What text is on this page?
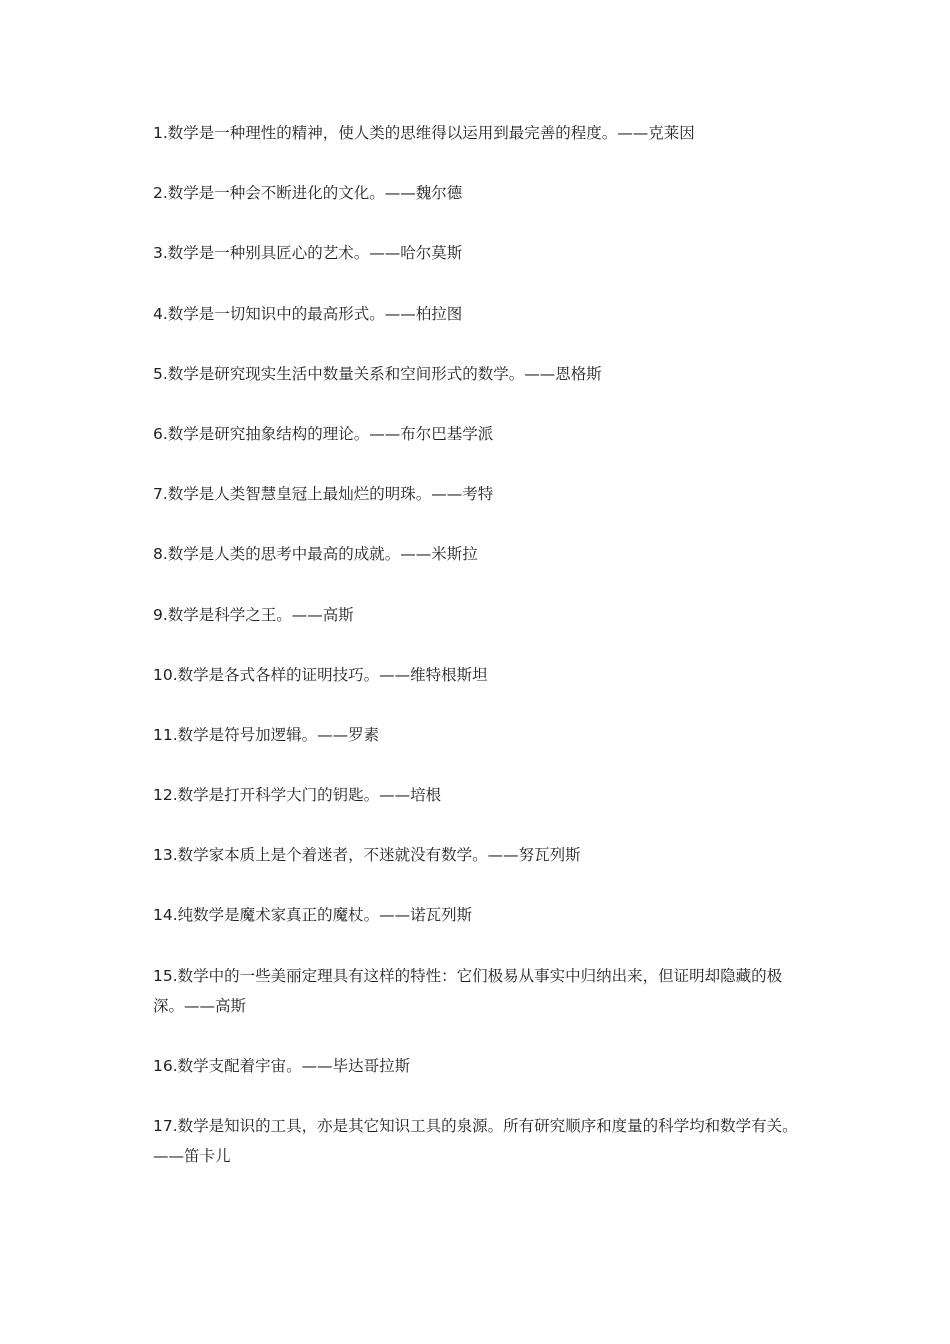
1.数学是一种理性的精神，使人类的思维得以运用到最完善的程度。——克莱因

2.数学是一种会不断进化的文化。——魏尔德

3.数学是一种别具匠心的艺术。——哈尔莫斯

4.数学是一切知识中的最高形式。——柏拉图

5.数学是研究现实生活中数量关系和空间形式的数学。——恩格斯

6.数学是研究抽象结构的理论。——布尔巴基学派

7.数学是人类智慧皇冠上最灿烂的明珠。——考特

8.数学是人类的思考中最高的成就。——米斯拉

9.数学是科学之王。——高斯

10.数学是各式各样的证明技巧。——维特根斯坦

11.数学是符号加逻辑。——罗素

12.数学是打开科学大门的钥匙。——培根

13.数学家本质上是个着迷者，不迷就没有数学。——努瓦列斯

14.纯数学是魔术家真正的魔杖。——诺瓦列斯

15.数学中的一些美丽定理具有这样的特性：它们极易从事实中归纳出来，但证明却隐藏的极深。——高斯

16.数学支配着宇宙。——毕达哥拉斯

17.数学是知识的工具，亦是其它知识工具的泉源。所有研究顺序和度量的科学均和数学有关。——笛卡儿
